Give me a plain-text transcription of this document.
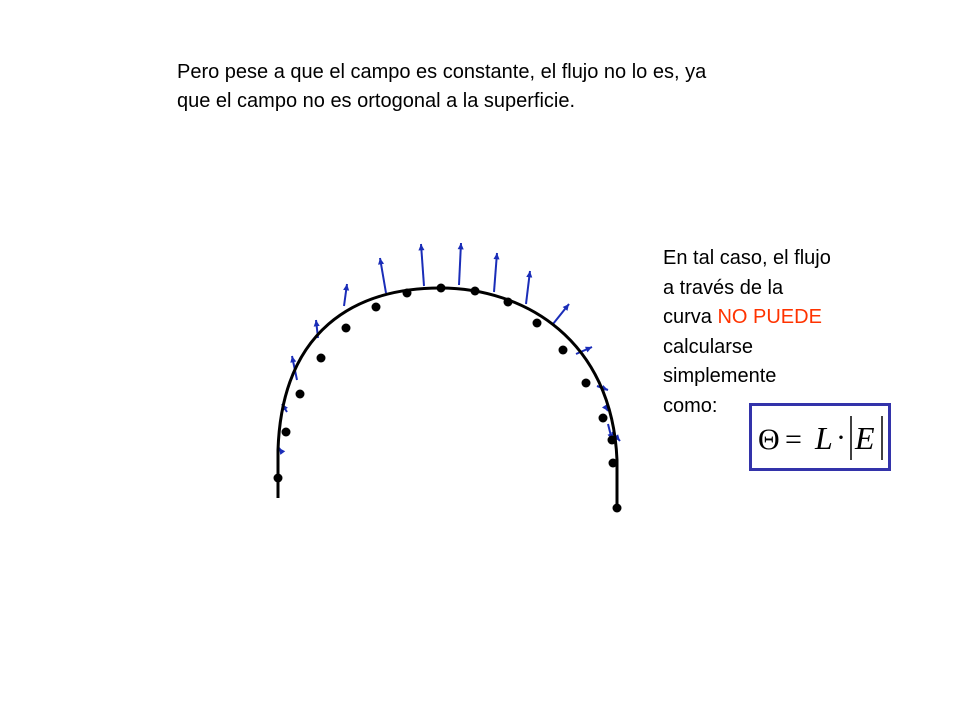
Pero pese a que el campo es constante, el flujo no lo es, ya
que el campo no es ortogonal a la superficie.
En tal caso, el flujo
a través de la
curva NO PUEDE
calcularse
simplemente
como:
Θ = L · E
